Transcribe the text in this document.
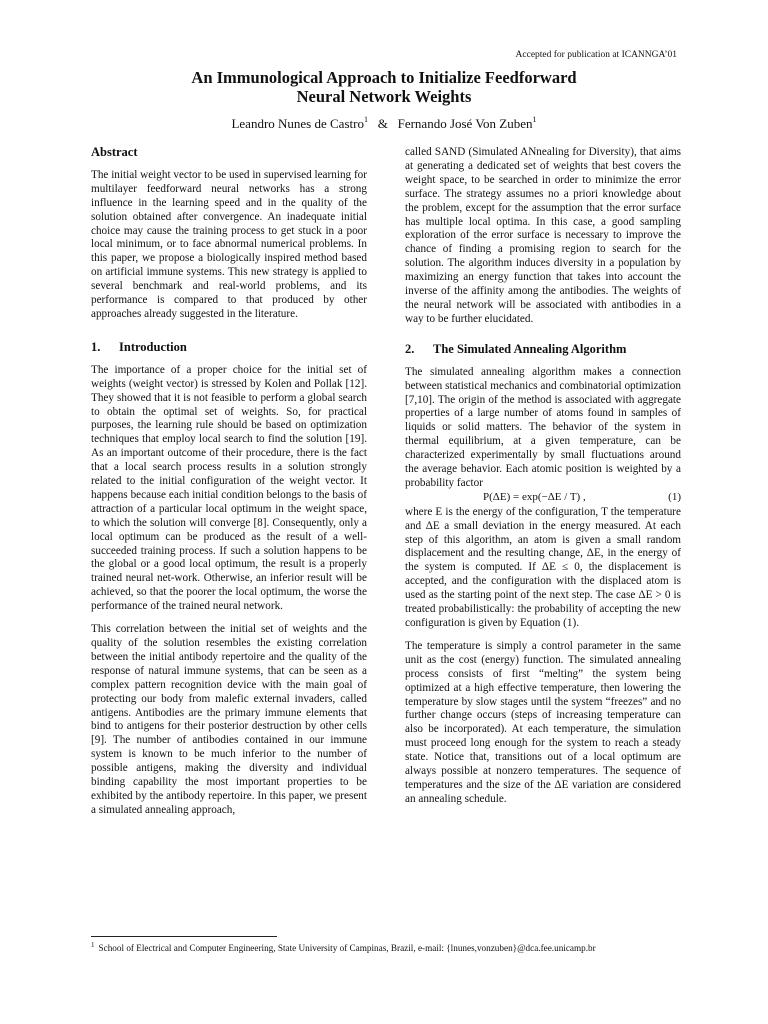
Accepted for publication at ICANNGA’01
An Immunological Approach to Initialize Feedforward
Neural Network Weights
Leandro Nunes de Castro$^1$ & Fernando José Von Zuben$^1$
Abstract

The initial weight vector to be used in supervised learning for multilayer feedforward neural networks has a strong influence in the learning speed and in the quality of the solution obtained after convergence. An inadequate initial choice may cause the training process to get stuck in a poor local minimum, or to face abnormal numerical problems. In this paper, we propose a biologically inspired method based on artificial immune systems. This new strategy is applied to several benchmark and real-world problems, and its performance is compared to that produced by other approaches already suggested in the literature.

1. Introduction

The importance of a proper choice for the initial set of weights (weight vector) is stressed by Kolen and Pollak [12]. They showed that it is not feasible to perform a global search to obtain the optimal set of weights. So, for practical purposes, the learning rule should be based on optimization techniques that employ local search to find the solution [19]. As an important outcome of their procedure, there is the fact that a local search process results in a solution strongly related to the initial configuration of the weight vector. It happens because each initial condition belongs to the basis of attraction of a particular local optimum in the weight space, to which the solution will converge [8]. Consequently, only a local optimum can be produced as the result of a well-succeeded training process. If such a solution happens to be the global or a good local optimum, the result is a properly trained neural net-work. Otherwise, an inferior result will be achieved, so that the poorer the local optimum, the worse the performance of the trained neural network.

This correlation between the initial set of weights and the quality of the solution resembles the existing correlation between the initial antibody repertoire and the quality of the response of natural immune systems, that can be seen as a complex pattern recognition device with the main goal of protecting our body from malefic external invaders, called antigens. Antibodies are the primary immune elements that bind to antigens for their posterior destruction by other cells [9]. The number of antibodies contained in our immune system is known to be much inferior to the number of possible antigens, making the diversity and individual binding capability the most important properties to be exhibited by the antibody repertoire. In this paper, we present a simulated annealing approach,

called SAND (Simulated ANnealing for Diversity), that aims at generating a dedicated set of weights that best covers the weight space, to be searched in order to minimize the error surface. The strategy assumes no a priori knowledge about the problem, except for the assumption that the error surface has multiple local optima. In this case, a good sampling exploration of the error surface is necessary to improve the chance of finding a promising region to search for the solution. The algorithm induces diversity in a population by maximizing an energy function that takes into account the inverse of the affinity among the antibodies. The weights of the neural network will be associated with antibodies in a way to be further elucidated.

2. The Simulated Annealing Algorithm

The simulated annealing algorithm makes a connection between statistical mechanics and combinatorial optimization [7,10]. The origin of the method is associated with aggregate properties of a large number of atoms found in samples of liquids or solid matters. The behavior of the system in thermal equilibrium, at a given temperature, can be characterized experimentally by small fluctuations around the average behavior. Each atomic position is weighted by a probability factor

P(ΔE) = exp(−ΔE / T) ,	(1)

where E is the energy of the configuration, T the temperature and ΔE a small deviation in the energy measured. At each step of this algorithm, an atom is given a small random displacement and the resulting change, ΔE, in the energy of the system is computed. If ΔE ≤ 0, the displacement is accepted, and the configuration with the displaced atom is used as the starting point of the next step. The case ΔE > 0 is treated probabilistically: the probability of accepting the new configuration is given by Equation (1).

The temperature is simply a control parameter in the same unit as the cost (energy) function. The simulated annealing process consists of first “melting” the system being optimized at a high effective temperature, then lowering the temperature by slow stages until the system “freezes” and no further change occurs (steps of increasing temperature can also be incorporated). At each temperature, the simulation must proceed long enough for the system to reach a steady state. Notice that, transitions out of a local optimum are always possible at nonzero temperatures. The sequence of temperatures and the size of the ΔE variation are considered an annealing schedule.

$^1$ School of Electrical and Computer Engineering, State University of Campinas, Brazil, e-mail: {lnunes,vonzuben}@dca.fee.unicamp.br
